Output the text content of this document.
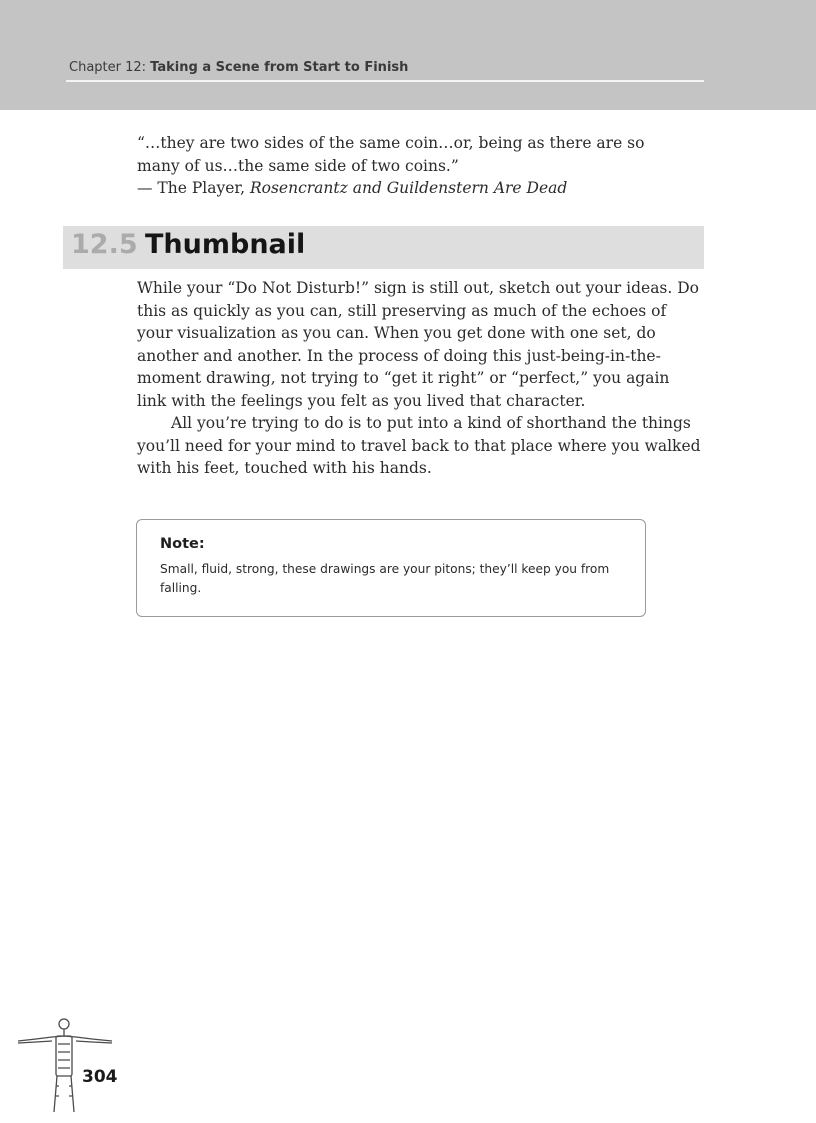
Chapter 12: Taking a Scene from Start to Finish

“…they are two sides of the same coin…or, being as there are so

many of us…the same side of two coins.”

— The Player, Rosencrantz and Guildenstern Are Dead

12.5 Thumbnail

While your “Do Not Disturb!” sign is still out, sketch out your ideas. Do this as quickly as you can, still preserving as much of the echoes of your visualization as you can. When you get done with one set, do another and another. In the process of doing this just-being-in-the-moment drawing, not trying to “get it right” or “perfect,” you again link with the feelings you felt as you lived that character.

All you’re trying to do is to put into a kind of shorthand the things you’ll need for your mind to travel back to that place where you walked with his feet, touched with his hands.

Note:
Small, fluid, strong, these drawings are your pitons; they’ll keep you from falling.
304
